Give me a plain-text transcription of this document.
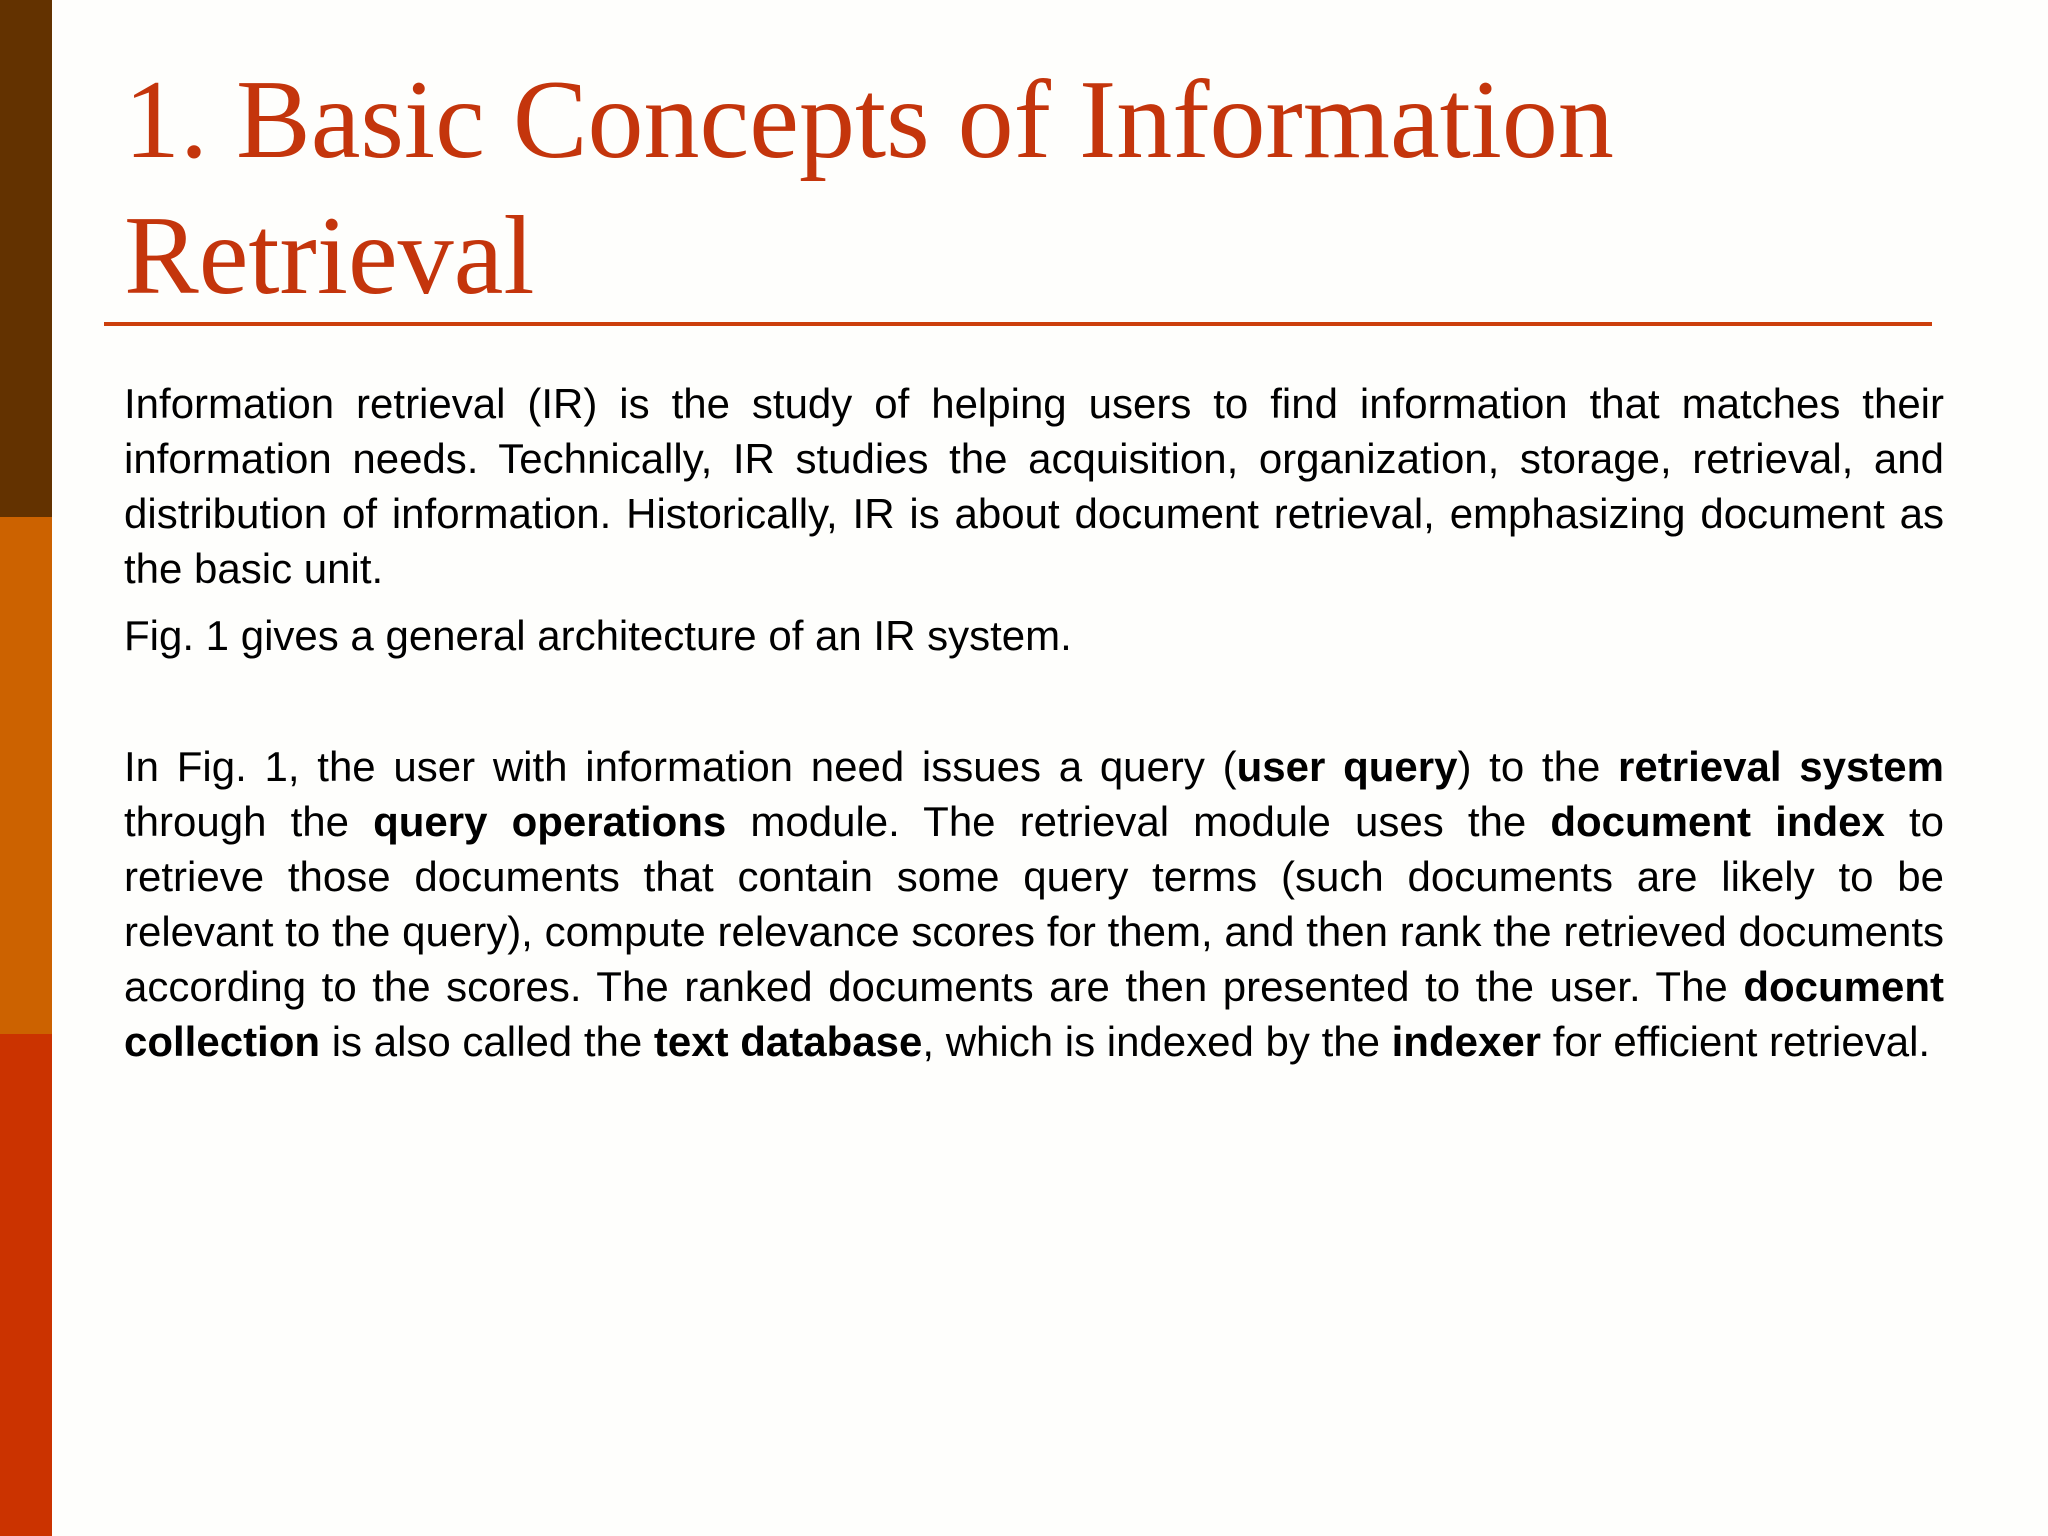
1. Basic Concepts of Information Retrieval

Information retrieval (IR) is the study of helping users to find information that matches their information needs. Technically, IR studies the acquisition, organization, storage, retrieval, and distribution of information. Historically, IR is about document retrieval, emphasizing document as the basic unit.

Fig. 1 gives a general architecture of an IR system.

In Fig. 1, the user with information need issues a query (user query) to the retrieval system through the query operations module. The retrieval module uses the document index to retrieve those documents that contain some query terms (such documents are likely to be relevant to the query), compute relevance scores for them, and then rank the retrieved documents according to the scores. The ranked documents are then presented to the user. The document collection is also called the text database, which is indexed by the indexer for efficient retrieval.
